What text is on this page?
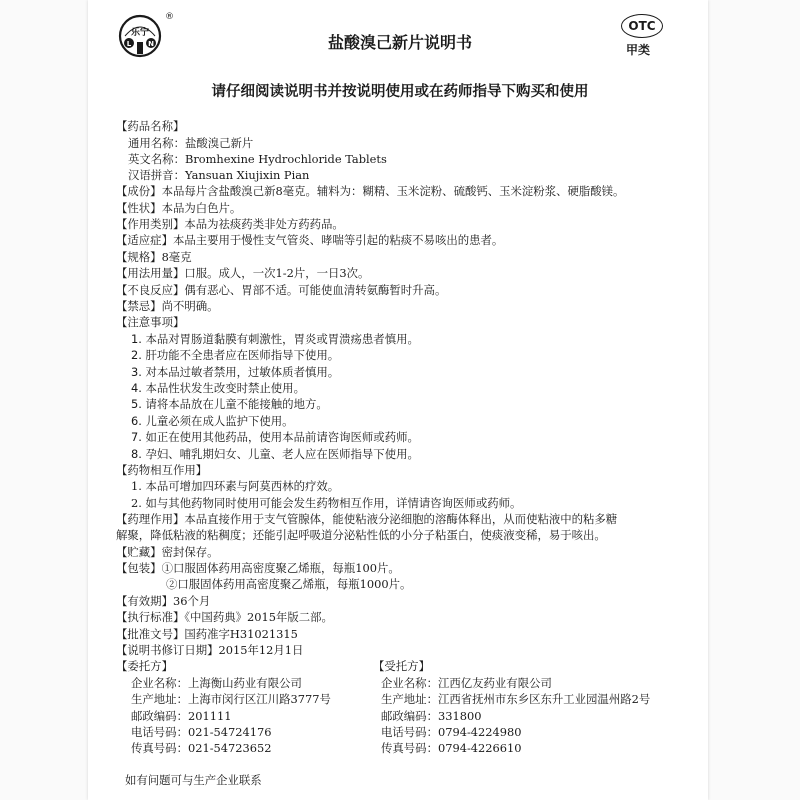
L N
乐宁
®
OTC
甲类
盐酸溴己新片说明书
请仔细阅读说明书并按说明使用或在药师指导下购买和使用
【药品名称】
通用名称：盐酸溴己新片
英文名称：Bromhexine Hydrochloride Tablets
汉语拼音：Yansuan Xiujixin Pian
【成份】本品每片含盐酸溴己新8毫克。辅料为：糊精、玉米淀粉、硫酸钙、玉米淀粉浆、硬脂酸镁。
【性状】本品为白色片。
【作用类别】本品为祛痰药类非处方药药品。
【适应症】本品主要用于慢性支气管炎、哮喘等引起的粘痰不易咳出的患者。
【规格】8毫克
【用法用量】口服。成人，一次1-2片，一日3次。
【不良反应】偶有恶心、胃部不适。可能使血清转氨酶暂时升高。
【禁忌】尚不明确。
【注意事项】
1. 本品对胃肠道黏膜有刺激性，胃炎或胃溃疡患者慎用。
2. 肝功能不全患者应在医师指导下使用。
3. 对本品过敏者禁用，过敏体质者慎用。
4. 本品性状发生改变时禁止使用。
5. 请将本品放在儿童不能接触的地方。
6. 儿童必须在成人监护下使用。
7. 如正在使用其他药品，使用本品前请咨询医师或药师。
8. 孕妇、哺乳期妇女、儿童、老人应在医师指导下使用。
【药物相互作用】
1. 本品可增加四环素与阿莫西林的疗效。
2. 如与其他药物同时使用可能会发生药物相互作用，详情请咨询医师或药师。
【药理作用】本品直接作用于支气管腺体，能使粘液分泌细胞的溶酶体释出，从而使粘液中的粘多糖
解聚，降低粘液的粘稠度；还能引起呼吸道分泌粘性低的小分子粘蛋白，使痰液变稀，易于咳出。
【贮藏】密封保存。
【包装】①口服固体药用高密度聚乙烯瓶，每瓶100片。
②口服固体药用高密度聚乙烯瓶，每瓶1000片。
【有效期】36个月
【执行标准】《中国药典》2015年版二部。
【批准文号】国药准字H31021315
【说明书修订日期】2015年12月1日
【委托方】
企业名称：上海衡山药业有限公司
生产地址：上海市闵行区江川路3777号
邮政编码：201111
电话号码：021-54724176
传真号码：021-54723652
【受托方】
企业名称：江西亿友药业有限公司
生产地址：江西省抚州市东乡区东升工业园温州路2号
邮政编码：331800
电话号码：0794-4224980
传真号码：0794-4226610
如有问题可与生产企业联系
